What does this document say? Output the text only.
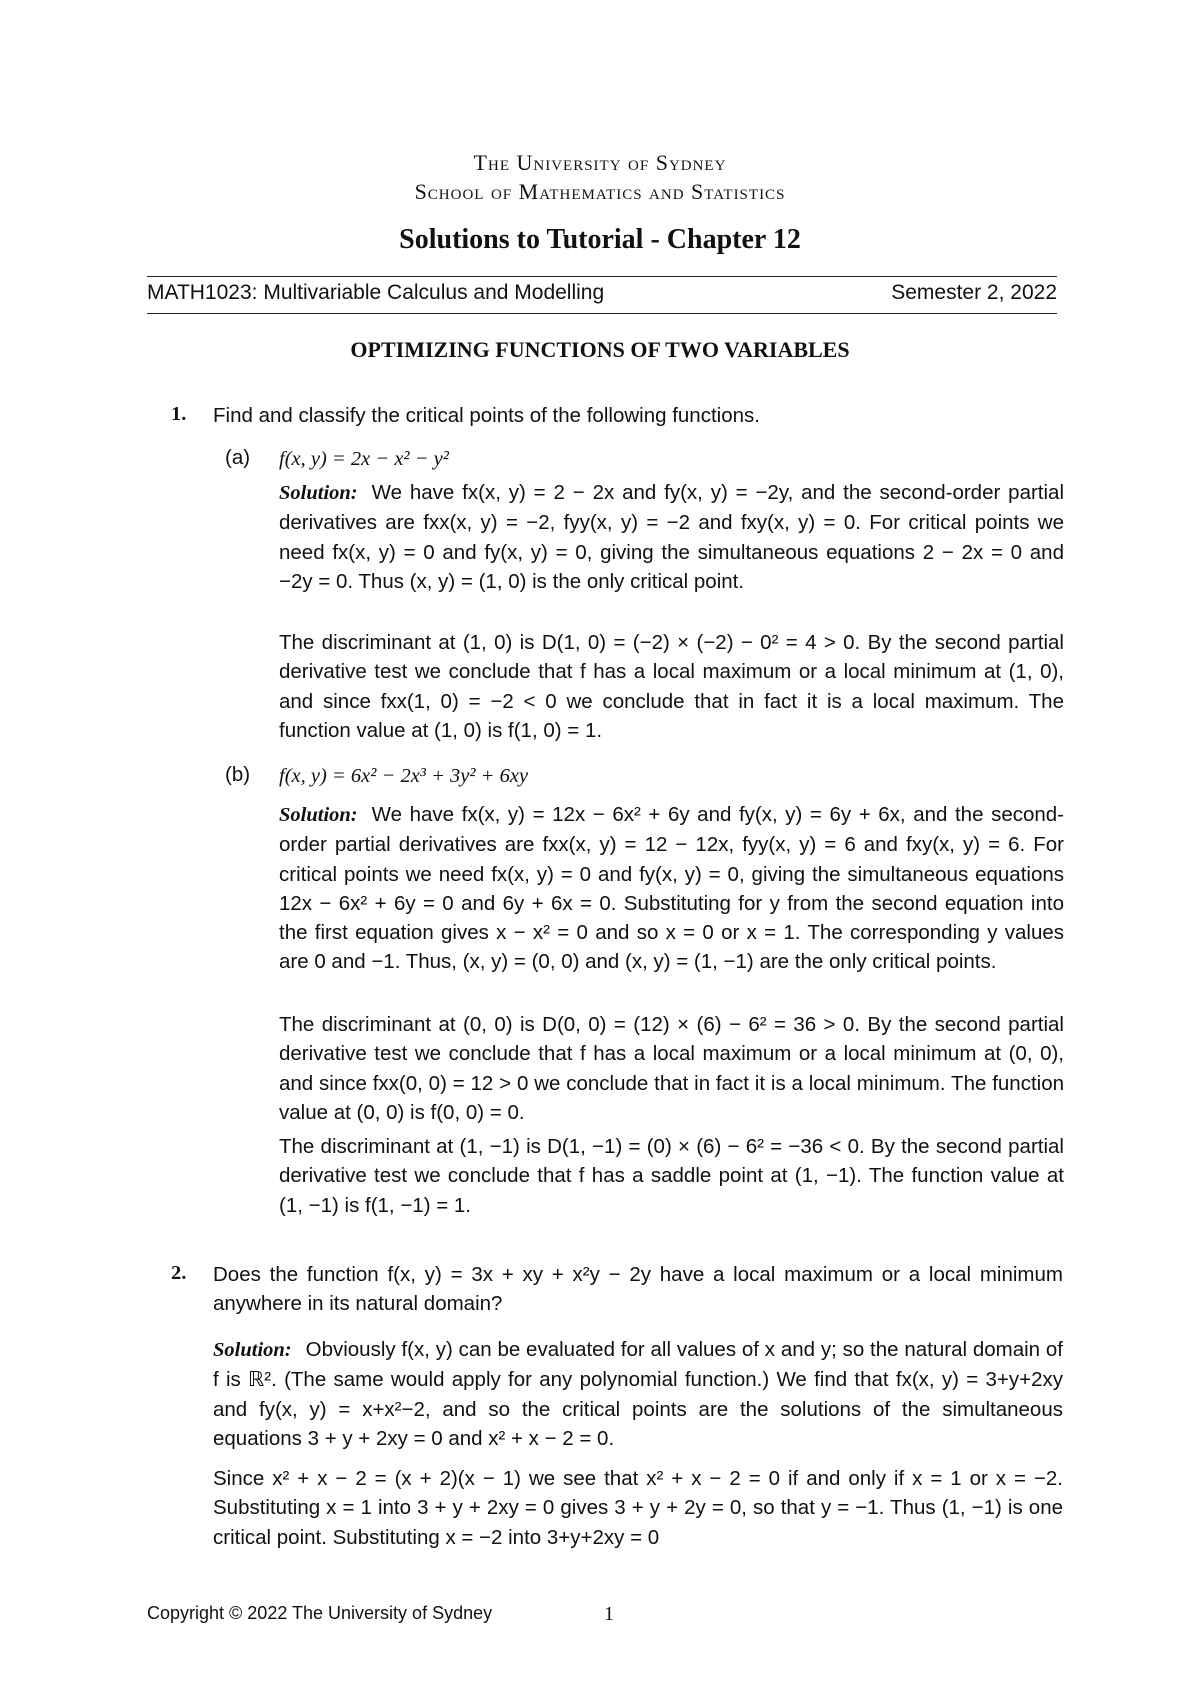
The University of Sydney
School of Mathematics and Statistics
Solutions to Tutorial - Chapter 12
MATH1023: Multivariable Calculus and Modelling	Semester 2, 2022
OPTIMIZING FUNCTIONS OF TWO VARIABLES
1. Find and classify the critical points of the following functions.
(a) f(x, y) = 2x − x² − y²
Solution: We have fx(x, y) = 2 − 2x and fy(x, y) = −2y, and the second-order partial derivatives are fxx(x, y) = −2, fyy(x, y) = −2 and fxy(x, y) = 0. For critical points we need fx(x, y) = 0 and fy(x, y) = 0, giving the simultaneous equations 2 − 2x = 0 and −2y = 0. Thus (x, y) = (1, 0) is the only critical point.
The discriminant at (1, 0) is D(1, 0) = (−2) × (−2) − 0² = 4 > 0. By the second partial derivative test we conclude that f has a local maximum or a local minimum at (1, 0), and since fxx(1, 0) = −2 < 0 we conclude that in fact it is a local maximum. The function value at (1, 0) is f(1, 0) = 1.
(b) f(x, y) = 6x² − 2x³ + 3y² + 6xy
Solution: We have fx(x, y) = 12x − 6x² + 6y and fy(x, y) = 6y + 6x, and the second-order partial derivatives are fxx(x, y) = 12 − 12x, fyy(x, y) = 6 and fxy(x, y) = 6. For critical points we need fx(x, y) = 0 and fy(x, y) = 0, giving the simultaneous equations 12x − 6x² + 6y = 0 and 6y + 6x = 0. Substituting for y from the second equation into the first equation gives x − x² = 0 and so x = 0 or x = 1. The corresponding y values are 0 and −1. Thus, (x, y) = (0, 0) and (x, y) = (1, −1) are the only critical points.
The discriminant at (0, 0) is D(0, 0) = (12) × (6) − 6² = 36 > 0. By the second partial derivative test we conclude that f has a local maximum or a local minimum at (0, 0), and since fxx(0, 0) = 12 > 0 we conclude that in fact it is a local minimum. The function value at (0, 0) is f(0, 0) = 0.
The discriminant at (1, −1) is D(1, −1) = (0) × (6) − 6² = −36 < 0. By the second partial derivative test we conclude that f has a saddle point at (1, −1). The function value at (1, −1) is f(1, −1) = 1.
2. Does the function f(x, y) = 3x + xy + x²y − 2y have a local maximum or a local minimum anywhere in its natural domain?
Solution: Obviously f(x, y) can be evaluated for all values of x and y; so the natural domain of f is ℝ². (The same would apply for any polynomial function.) We find that fx(x, y) = 3+y+2xy and fy(x, y) = x+x²−2, and so the critical points are the solutions of the simultaneous equations 3 + y + 2xy = 0 and x² + x − 2 = 0.
Since x² + x − 2 = (x + 2)(x − 1) we see that x² + x − 2 = 0 if and only if x = 1 or x = −2. Substituting x = 1 into 3 + y + 2xy = 0 gives 3 + y + 2y = 0, so that y = −1. Thus (1, −1) is one critical point. Substituting x = −2 into 3+y+2xy = 0
Copyright © 2022 The University of Sydney	1
